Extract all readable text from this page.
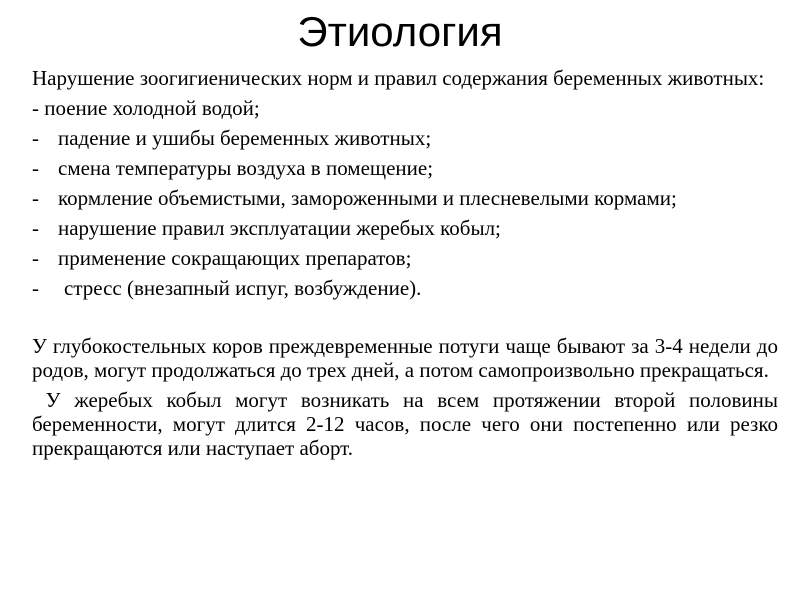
Этиология
Нарушение зоогигиенических норм и правил содержания беременных животных:
- поение холодной водой;
- падение и ушибы беременных животных;
- смена температуры воздуха в помещение;
- кормление объемистыми, замороженными и плесневелыми кормами;
- нарушение правил эксплуатации жеребых кобыл;
- применение сокращающих препаратов;
- стресс (внезапный испуг, возбуждение).
У глубокостельных коров преждевременные потуги чаще бывают за 3-4 недели до родов, могут продолжаться до трех дней, а потом самопроизвольно прекращаться.
У жеребых кобыл могут возникать на всем протяжении второй половины беременности, могут длится 2-12 часов, после чего они постепенно или резко прекращаются или наступает аборт.
